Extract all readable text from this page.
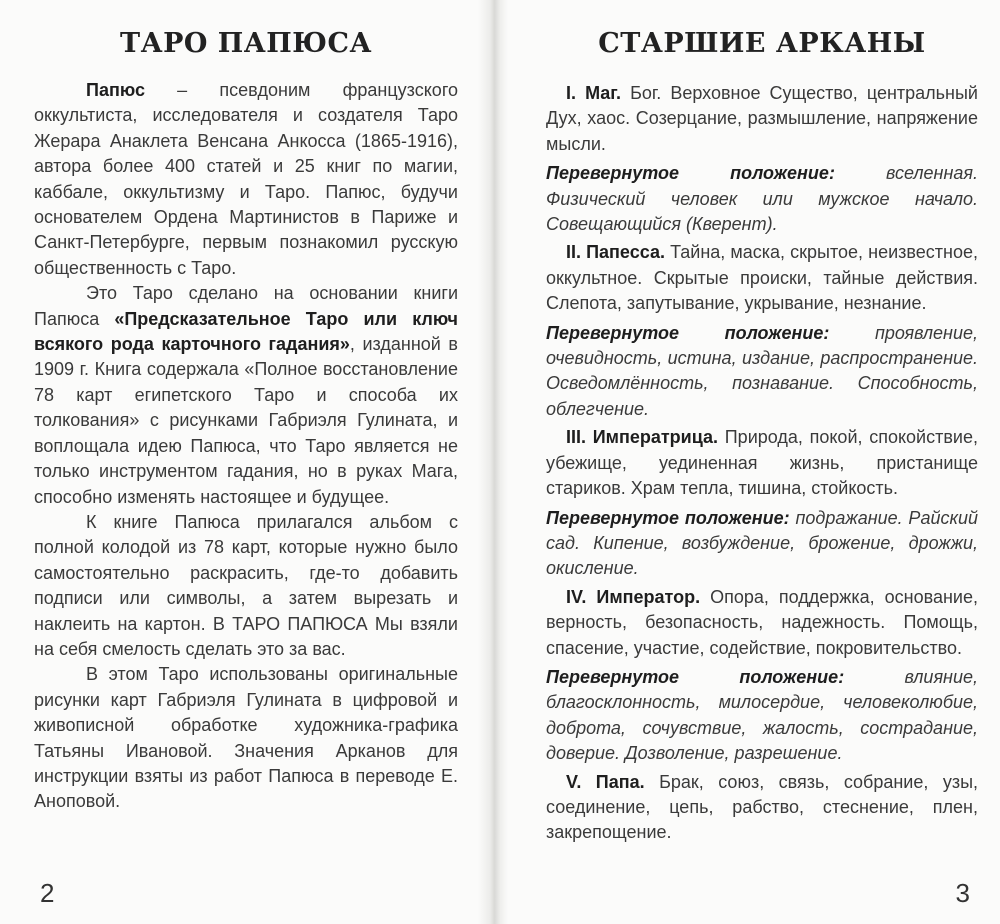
ТАРО ПАПЮСА

Папюс – псевдоним французского оккультиста, исследователя и создателя Таро Жерара Анаклета Венсана Анкосса (1865-1916), автора более 400 статей и 25 книг по магии, каббале, оккультизму и Таро. Папюс, будучи основателем Ордена Мартинистов в Париже и Санкт-Петербурге, первым познакомил русскую общественность с Таро.

Это Таро сделано на основании книги Папюса «Предсказательное Таро или ключ всякого рода карточного гадания», изданной в 1909 г. Книга содержала «Полное восстановление 78 карт египетского Таро и способа их толкования» с рисунками Габриэля Гулината, и воплощала идею Папюса, что Таро является не только инструментом гадания, но в руках Мага, способно изменять настоящее и будущее.

К книге Папюса прилагался альбом с полной колодой из 78 карт, которые нужно было самостоятельно раскрасить, где-то добавить подписи или символы, а затем вырезать и наклеить на картон. В ТАРО ПАПЮСА Мы взяли на себя смелость сделать это за вас.

В этом Таро использованы оригинальные рисунки карт Габриэля Гулината в цифровой и живописной обработке художника-графика Татьяны Ивановой. Значения Арканов для инструкции взяты из работ Папюса в переводе Е. Аноповой.

2
СТАРШИЕ АРКАНЫ

I. Маг. Бог. Верховное Существо, центральный Дух, хаос. Созерцание, размышление, напряжение мысли.

Перевернутое положение: вселенная. Физический человек или мужское начало. Совещающийся (Кверент).

II. Папесса. Тайна, маска, скрытое, неизвестное, оккультное. Скрытые происки, тайные действия. Слепота, запутывание, укрывание, незнание.

Перевернутое положение: проявление, очевидность, истина, издание, распространение. Осведомлённость, познавание. Способность, облегчение.

III. Императрица. Природа, покой, спокойствие, убежище, уединенная жизнь, пристанище стариков. Храм тепла, тишина, стойкость.

Перевернутое положение: подражание. Райский сад. Кипение, возбуждение, брожение, дрожжи, окисление.

IV. Император. Опора, поддержка, основание, верность, безопасность, надежность. Помощь, спасение, участие, содействие, покровительство.

Перевернутое положение: влияние, благосклонность, милосердие, человеколюбие, доброта, сочувствие, жалость, сострадание, доверие. Дозволение, разрешение.

V. Папа. Брак, союз, связь, собрание, узы, соединение, цепь, рабство, стеснение, плен, закрепощение.

3
